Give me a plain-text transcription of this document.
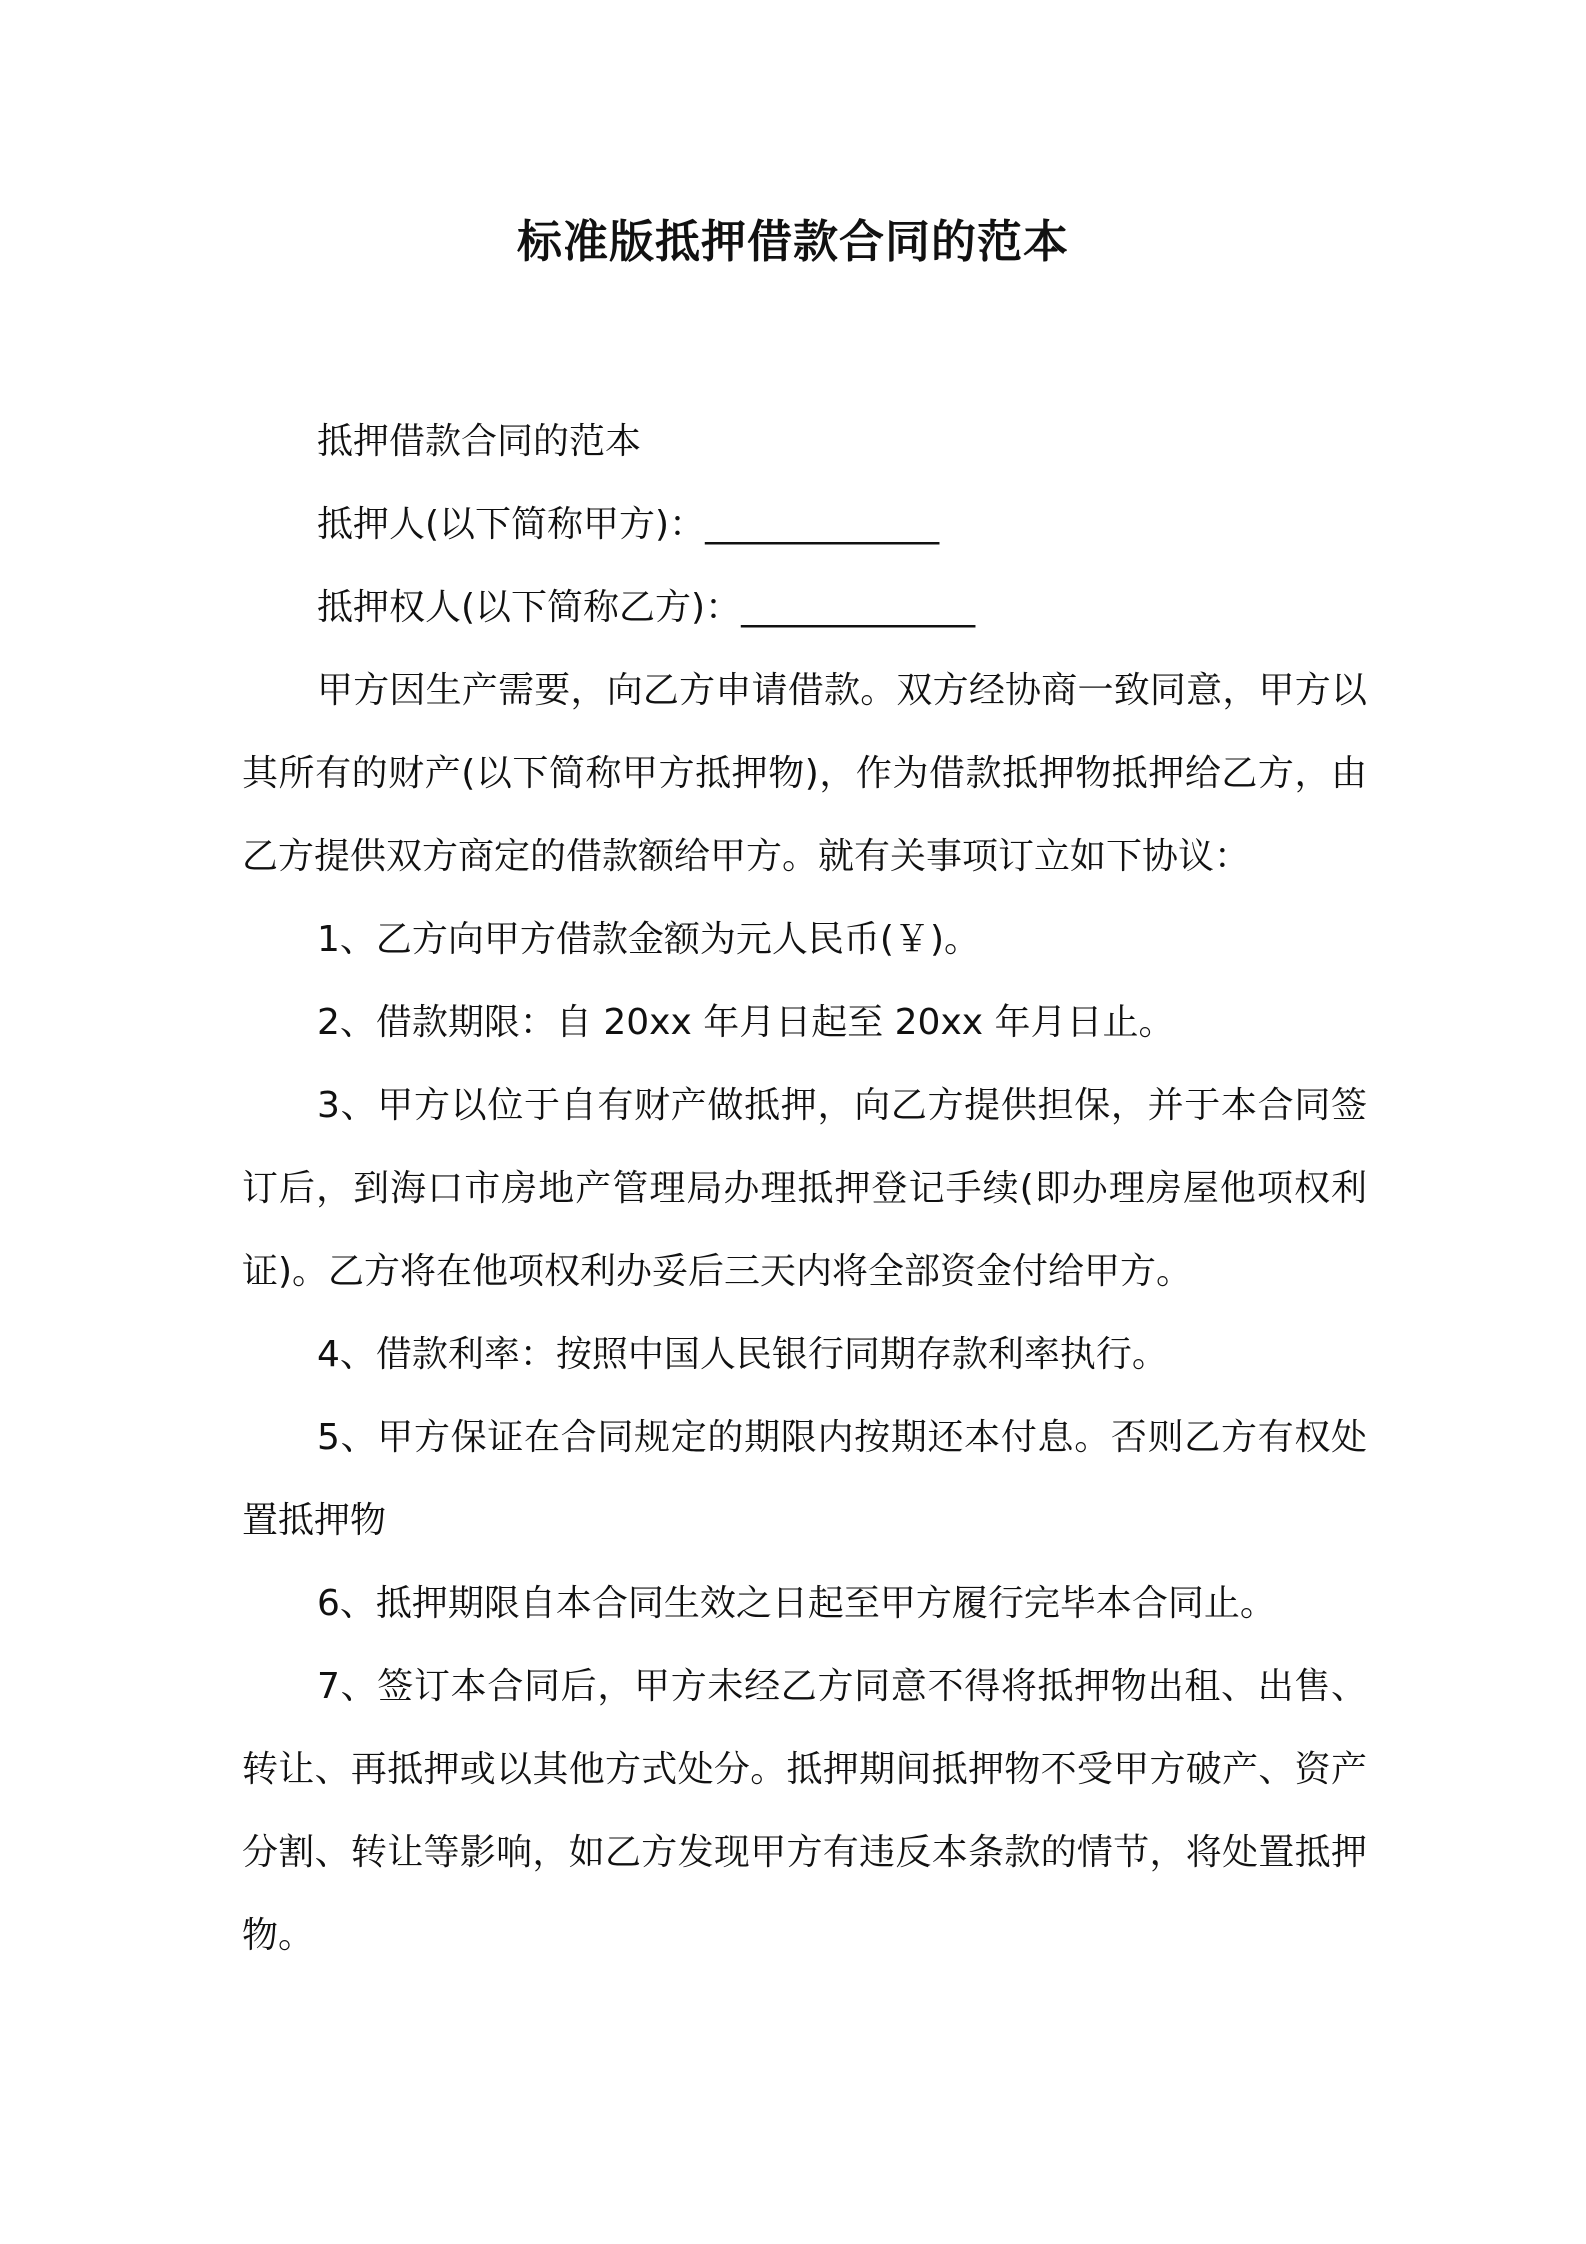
标准版抵押借款合同的范本

抵押借款合同的范本

抵押人(以下简称甲方)：_____________

抵押权人(以下简称乙方)：_____________

甲方因生产需要，向乙方申请借款。双方经协商一致同意，甲方以其所有的财产(以下简称甲方抵押物)，作为借款抵押物抵押给乙方，由乙方提供双方商定的借款额给甲方。就有关事项订立如下协议：

1、乙方向甲方借款金额为元人民币(￥)。

2、借款期限：自 20xx 年月日起至 20xx 年月日止。

3、甲方以位于自有财产做抵押，向乙方提供担保，并于本合同签订后，到海口市房地产管理局办理抵押登记手续(即办理房屋他项权利证)。乙方将在他项权利办妥后三天内将全部资金付给甲方。

4、借款利率：按照中国人民银行同期存款利率执行。

5、甲方保证在合同规定的期限内按期还本付息。否则乙方有权处置抵押物

6、抵押期限自本合同生效之日起至甲方履行完毕本合同止。

7、签订本合同后，甲方未经乙方同意不得将抵押物出租、出售、转让、再抵押或以其他方式处分。抵押期间抵押物不受甲方破产、资产分割、转让等影响，如乙方发现甲方有违反本条款的情节，将处置抵押物。
